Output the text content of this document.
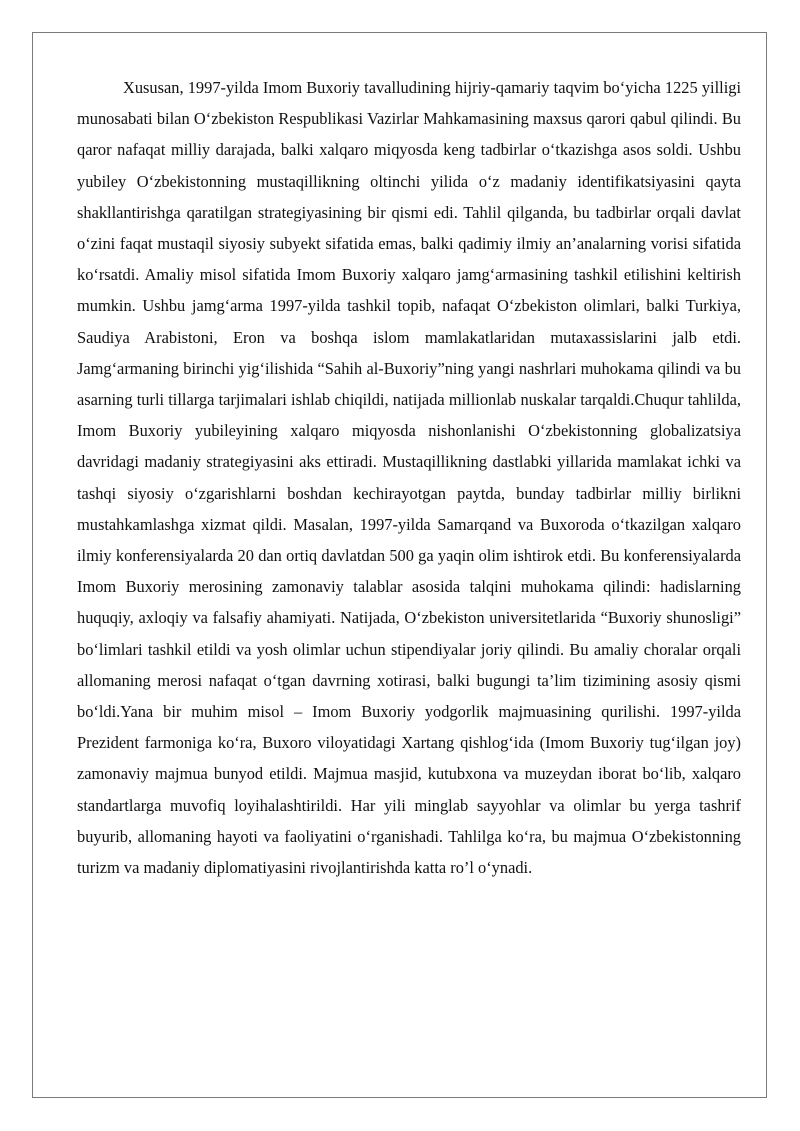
Xususan, 1997-yilda Imom Buxoriy tavalludining hijriy-qamariy taqvim bo‘yicha 1225 yilligi munosabati bilan O‘zbekiston Respublikasi Vazirlar Mahkamasining maxsus qarori qabul qilindi. Bu qaror nafaqat milliy darajada, balki xalqaro miqyosda keng tadbirlar o‘tkazishga asos soldi. Ushbu yubiley O‘zbekistonning mustaqillikning oltinchi yilida o‘z madaniy identifikatsiyasini qayta shakllantirishga qaratilgan strategiyasining bir qismi edi. Tahlil qilganda, bu tadbirlar orqali davlat o‘zini faqat mustaqil siyosiy subyekt sifatida emas, balki qadimiy ilmiy an’analarning vorisi sifatida ko‘rsatdi. Amaliy misol sifatida Imom Buxoriy xalqaro jamg‘armasining tashkil etilishini keltirish mumkin. Ushbu jamg‘arma 1997-yilda tashkil topib, nafaqat O‘zbekiston olimlari, balki Turkiya, Saudiya Arabistoni, Eron va boshqa islom mamlakatlaridan mutaxassislarini jalb etdi. Jamg‘armaning birinchi yig‘ilishida “Sahih al-Buxoriy”ning yangi nashrlari muhokama qilindi va bu asarning turli tillarga tarjimalari ishlab chiqildi, natijada millionlab nuskalar tarqaldi.Chuqur tahlilda, Imom Buxoriy yubileyining xalqaro miqyosda nishonlanishi O‘zbekistonning globalizatsiya davridagi madaniy strategiyasini aks ettiradi. Mustaqillikning dastlabki yillarida mamlakat ichki va tashqi siyosiy o‘zgarishlarni boshdan kechirayotgan paytda, bunday tadbirlar milliy birlikni mustahkamlashga xizmat qildi. Masalan, 1997-yilda Samarqand va Buxoroda o‘tkazilgan xalqaro ilmiy konferensiyalarda 20 dan ortiq davlatdan 500 ga yaqin olim ishtirok etdi. Bu konferensiyalarda Imom Buxoriy merosining zamonaviy talablar asosida talqini muhokama qilindi: hadislarning huquqiy, axloqiy va falsafiy ahamiyati. Natijada, O‘zbekiston universitetlarida “Buxoriy shunosligi” bo‘limlari tashkil etildi va yosh olimlar uchun stipendiyalar joriy qilindi. Bu amaliy choralar orqali allomaning merosi nafaqat o‘tgan davrning xotirasi, balki bugungi ta’lim tizimining asosiy qismi bo‘ldi.Yana bir muhim misol – Imom Buxoriy yodgorlik majmuasining qurilishi. 1997-yilda Prezident farmoniga ko‘ra, Buxoro viloyatidagi Xartang qishlog‘ida (Imom Buxoriy tug‘ilgan joy) zamonaviy majmua bunyod etildi. Majmua masjid, kutubxona va muzeydan iborat bo‘lib, xalqaro standartlarga muvofiq loyihalashtirildi. Har yili minglab sayyohlar va olimlar bu yerga tashrif buyurib, allomaning hayoti va faoliyatini o‘rganishadi. Tahlilga ko‘ra, bu majmua O‘zbekistonning turizm va madaniy diplomatiyasini rivojlantirishda katta ro’l o‘ynadi.
